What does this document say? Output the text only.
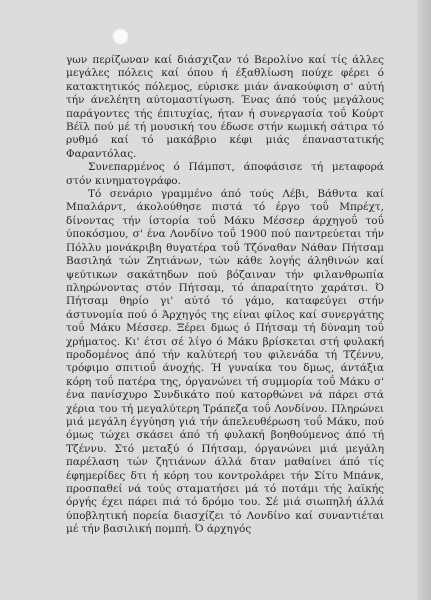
γων περίζωναν καί διάσχιζαν τό Βερολίνο καί τίς άλλες μεγάλες πόλεις καί όπου ή έξαθλίωση πούχε φέρει ό κατακτητικός πόλεμος, εύρισκε μιάν άνακούφιση σ' αύτή τήν άνελέητη αύτομαστίγωση. Ένας άπό τούς μεγάλους παράγοντες τής έπιτυχίας, ήταν ή συνεργασία τοΰ Κούρτ Βέϊλ πού μέ τή μουσική του έδωσε στήν κωμική σάτιρα τό ρυθμό καί τό μακάβριο κέφι μιάς έπαναστατικής Φαραντόλας.

Συνεπαρμένος ό Πάμπστ, άποφάσισε τή μεταφορά στόν κινηματογράφο.

Τό σενάριο γραμμένο άπό τούς Λέβι, Βάθντα καί Μπαλάρντ, άκολούθησε πιστά τό έργο τοΰ Μπρέχτ, δίνοντας τήν ίστορία τοΰ Μάκυ Μέσσερ άρχηγοΰ τοΰ ύποκόσμου, σ' ένα Λονδίνο τοΰ 1900 πού παντρεύεται τήν Πόλλυ μονάκριβη θυγατέρα τοΰ Τζόναθαν Νάθαν Πήτσαμ Βασιληά τών Ζητιάνων, τών κάθε λογής άληθινών καί ψεύτικων σακάτηδων πού βόζαιναν τήν φιλανθρωπία πληρώνοντας στόν Πήτσαμ, τό άπαραίτητο χαράτσι. Ό Πήτσαμ θηρίο γι' αύτό τό γάμο, καταφεύγει στήν άστυνομία πού ό Άρχηγός της είναι φίλος καί συνεργάτης τοΰ Μάκυ Μέσσερ. Ξέρει δμως ό Πήτσαμ τή δύναμη τοΰ χρήματος. Κι' έτσι σέ λίγο ό Μάκυ βρίσκεται στή φυλακή προδομένος άπό τήν καλύτερή του φιλενάδα τή Τζέννυ, τρόφιμο σπιτιοΰ άνοχής. Ή γυναίκα του δμως, άντάξια κόρη τοΰ πατέρα της, όργανώνει τή συμμορία τοΰ Μάκυ σ' ένα πανίσχυρο Συνδικάτο πού κατορθώνει νά πάρει στά χέρια του τή μεγαλύτερη Τράπεζα τοΰ Λονδίνου. Πληρώνει μιά μεγάλη έγγύηση γιά τήν άπελευθέρωση τοΰ Μάκυ, πού όμως τώχει σκάσει άπό τή φυλακή βοηθούμενος άπό τή Τζέννυ. Στό μεταξύ ό Πήτσαμ, όργανώνει μιά μεγάλη παρέλαση τών ζητιάνων άλλά δταν μαθαίνει άπό τίς έφημερίδες δτι ή κόρη του κοντρολάρει τήν Σίτυ Μπάνκ, προσπαθεί νά τούς σταματήσει μά τό ποτάμι τής λαϊκής όργής έχει πάρει πιά τό δρόμο του. Σέ μιά σιωπηλή άλλά ύποβλητική πορεία διασχίζει τό Λονδίνο καί συναντιέται μέ τήν βασιλική πομπή. Ό άρχηγός
